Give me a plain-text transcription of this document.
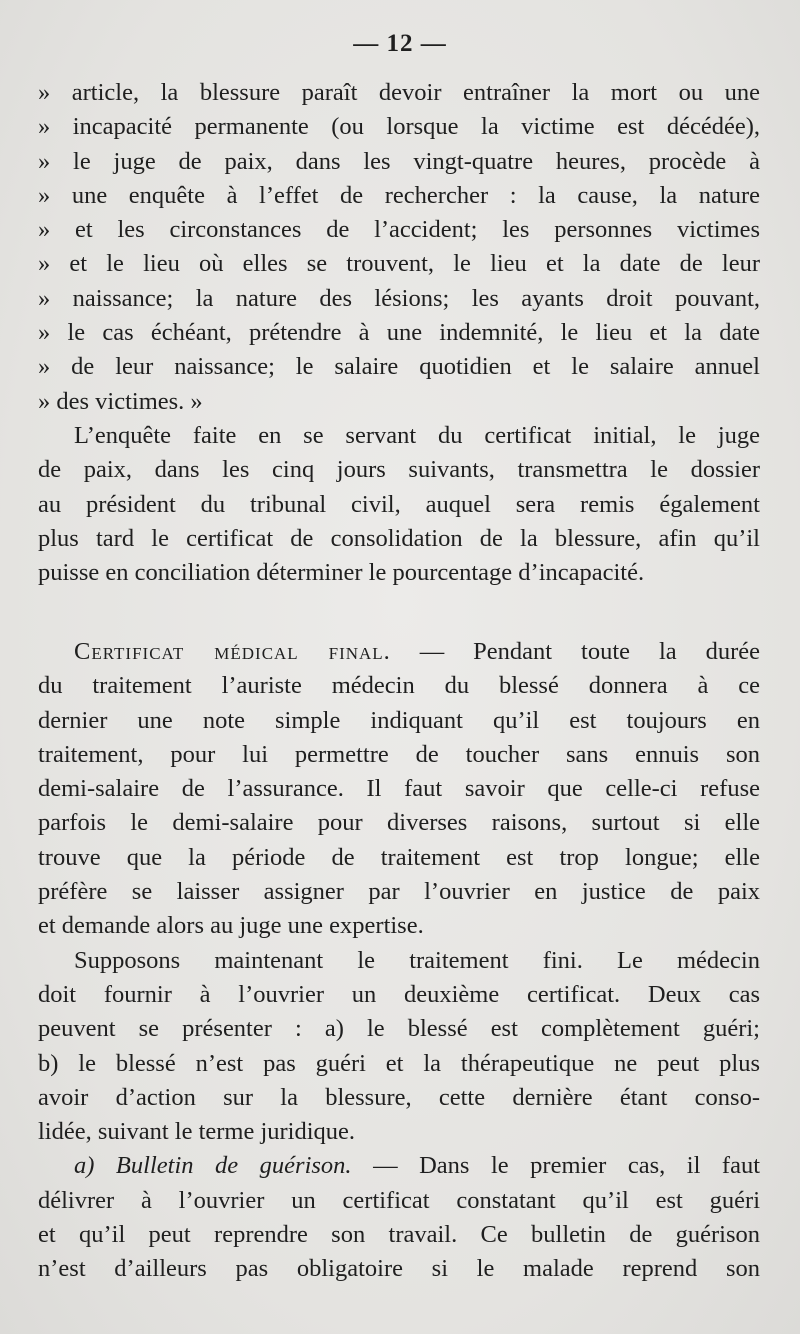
— 12 —
» article, la blessure paraît devoir entraîner la mort ou une
» incapacité permanente (ou lorsque la victime est décédée),
» le juge de paix, dans les vingt-quatre heures, procède à
» une enquête à l’effet de rechercher : la cause, la nature
» et les circonstances de l’accident; les personnes victimes
» et le lieu où elles se trouvent, le lieu et la date de leur
» naissance; la nature des lésions; les ayants droit pouvant,
» le cas échéant, prétendre à une indemnité, le lieu et la date
» de leur naissance; le salaire quotidien et le salaire annuel
» des victimes. »
L’enquête faite en se servant du certificat initial, le juge
de paix, dans les cinq jours suivants, transmettra le dossier
au président du tribunal civil, auquel sera remis également
plus tard le certificat de consolidation de la blessure, afin qu’il
puisse en conciliation déterminer le pourcentage d’incapacité.
Certificat médical final. — Pendant toute la durée
du traitement l’auriste médecin du blessé donnera à ce
dernier une note simple indiquant qu’il est toujours en
traitement, pour lui permettre de toucher sans ennuis son
demi-salaire de l’assurance. Il faut savoir que celle-ci refuse
parfois le demi-salaire pour diverses raisons, surtout si elle
trouve que la période de traitement est trop longue; elle
préfère se laisser assigner par l’ouvrier en justice de paix
et demande alors au juge une expertise.
Supposons maintenant le traitement fini. Le médecin
doit fournir à l’ouvrier un deuxième certificat. Deux cas
peuvent se présenter : a) le blessé est complètement guéri;
b) le blessé n’est pas guéri et la thérapeutique ne peut plus
avoir d’action sur la blessure, cette dernière étant conso-
lidée, suivant le terme juridique.
a) Bulletin de guérison. — Dans le premier cas, il faut
délivrer à l’ouvrier un certificat constatant qu’il est guéri
et qu’il peut reprendre son travail. Ce bulletin de guérison
n’est d’ailleurs pas obligatoire si le malade reprend son
